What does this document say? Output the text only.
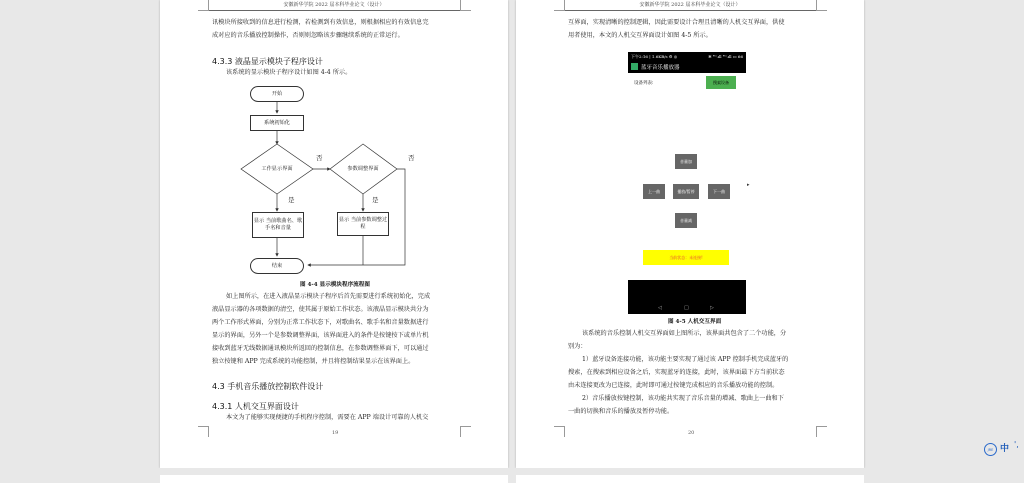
安徽新华学院 2022 届本科毕业论文（设计）
讯模块所接收到的信息进行检测，若检测到有效信息，则根据相应的有效信息完
成对应的音乐播放控制操作，否则则忽略该步骤继续系统的正常运行。
4.3.3 液晶显示模块子程序设计
该系统的显示模块子程序设计如图 4-4 所示。
开始
系统初始化
工作显示界面	参数调整界面
否	否
是	是
显示 当前歌曲名、歌手名和音量
显示 当前参数调整过程
结束
图 4-4 显示模块程序流程图
如上图所示，在进入液晶显示模块子程序后首先需要进行系统初始化，完成
液晶显示器的各项数据的清空，使其属于原始工作状态。该液晶显示模块共分为
两个工作形式界面，分别为正常工作状态下，对歌曲名、歌手名和音量数据进行
显示的界面，另外一个是参数调整界面，该界面进入的条件是按键按下或单片机
接收到蓝牙无线数据通讯模块所返回的控制信息，在参数调整界面下，可以通过
独立按键和 APP 完成系统的功能控制，并且将控制结果显示在该界面上。
4.3 手机音乐播放控制软件设计
4.3.1 人机交互界面设计
本文为了能够实现便捷的手机程序控制，需要在 APP 端设计可靠的人机交
19
安徽新华学院 2022 届本科毕业论文（设计）
互界面，实现清晰的控制逻辑，因此需要设计合理且清晰的人机交互界面，供使
用者使用，本文的人机交互界面设计如图 4-5 所示。
下午2:16 | 1.6KB/s ⚙ ◎	✻ ⁴ᴳ.ıll ⁴ᴳ.ıll ▭ 66
蓝牙音乐播放器
设备列表:	搜索设备
音量加
上一曲	播放/暂停	下一曲
音量减
当前状态：未连接!
◁	□	▷
▸
图 4-5 人机交互界面
该系统的音乐控制人机交互界面如上图所示，该界面共包含了二个功能，分
别为：
1）蓝牙设备连接功能，该功能主要实现了通过该 APP 控制手机完成蓝牙的
搜索，在搜索到相应设备之后，实现蓝牙的连接，此时，该界面最下方当前状态
由未连接更改为已连接，此时即可通过按键完成相应的音乐播放功能的控制。
2）音乐播放按键控制，该功能共实现了音乐音量的增减、歌曲上一曲和下
一曲的切换和音乐的播放及暂停功能。
20
JRE 中 ',
